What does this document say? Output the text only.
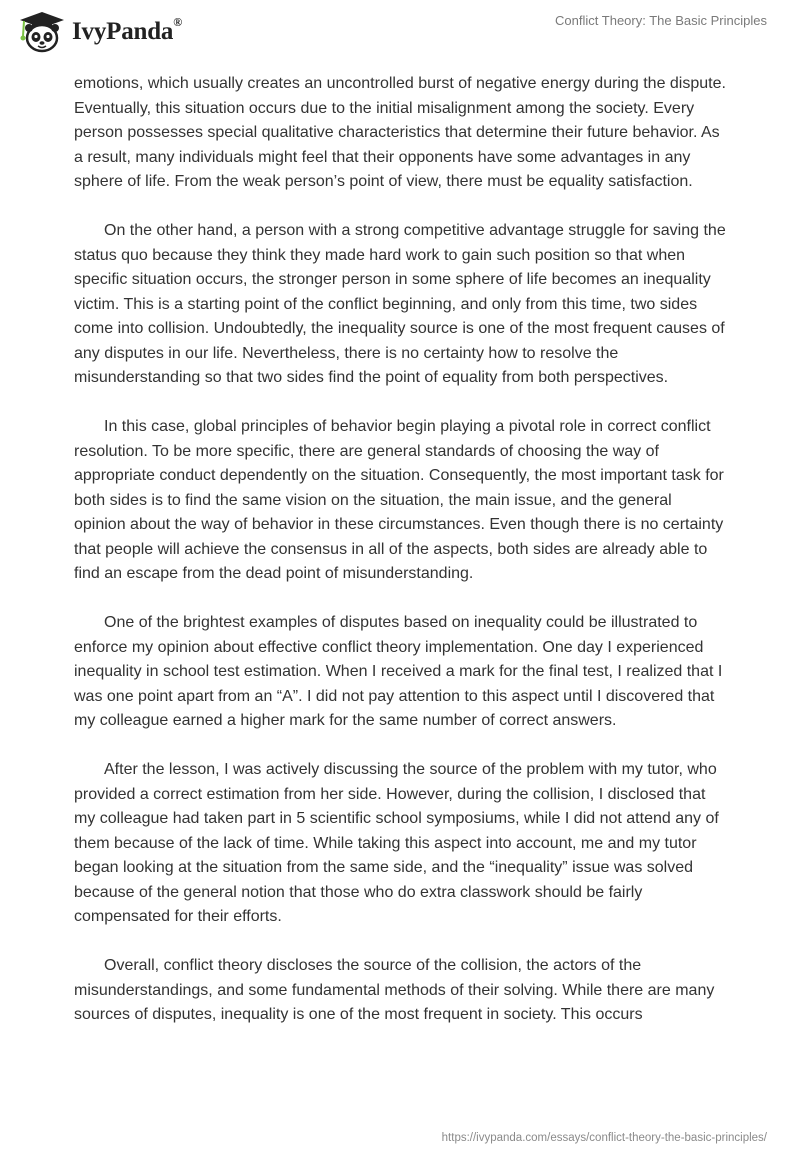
IvyPanda®	Conflict Theory: The Basic Principles

emotions, which usually creates an uncontrolled burst of negative energy during the dispute. Eventually, this situation occurs due to the initial misalignment among the society. Every person possesses special qualitative characteristics that determine their future behavior. As a result, many individuals might feel that their opponents have some advantages in any sphere of life. From the weak person’s point of view, there must be equality satisfaction.

On the other hand, a person with a strong competitive advantage struggle for saving the status quo because they think they made hard work to gain such position so that when specific situation occurs, the stronger person in some sphere of life becomes an inequality victim. This is a starting point of the conflict beginning, and only from this time, two sides come into collision. Undoubtedly, the inequality source is one of the most frequent causes of any disputes in our life. Nevertheless, there is no certainty how to resolve the misunderstanding so that two sides find the point of equality from both perspectives.

In this case, global principles of behavior begin playing a pivotal role in correct conflict resolution. To be more specific, there are general standards of choosing the way of appropriate conduct dependently on the situation. Consequently, the most important task for both sides is to find the same vision on the situation, the main issue, and the general opinion about the way of behavior in these circumstances. Even though there is no certainty that people will achieve the consensus in all of the aspects, both sides are already able to find an escape from the dead point of misunderstanding.

One of the brightest examples of disputes based on inequality could be illustrated to enforce my opinion about effective conflict theory implementation. One day I experienced inequality in school test estimation. When I received a mark for the final test, I realized that I was one point apart from an “A”. I did not pay attention to this aspect until I discovered that my colleague earned a higher mark for the same number of correct answers.

After the lesson, I was actively discussing the source of the problem with my tutor, who provided a correct estimation from her side. However, during the collision, I disclosed that my colleague had taken part in 5 scientific school symposiums, while I did not attend any of them because of the lack of time. While taking this aspect into account, me and my tutor began looking at the situation from the same side, and the “inequality” issue was solved because of the general notion that those who do extra classwork should be fairly compensated for their efforts.

Overall, conflict theory discloses the source of the collision, the actors of the misunderstandings, and some fundamental methods of their solving. While there are many sources of disputes, inequality is one of the most frequent in society. This occurs

https://ivypanda.com/essays/conflict-theory-the-basic-principles/
